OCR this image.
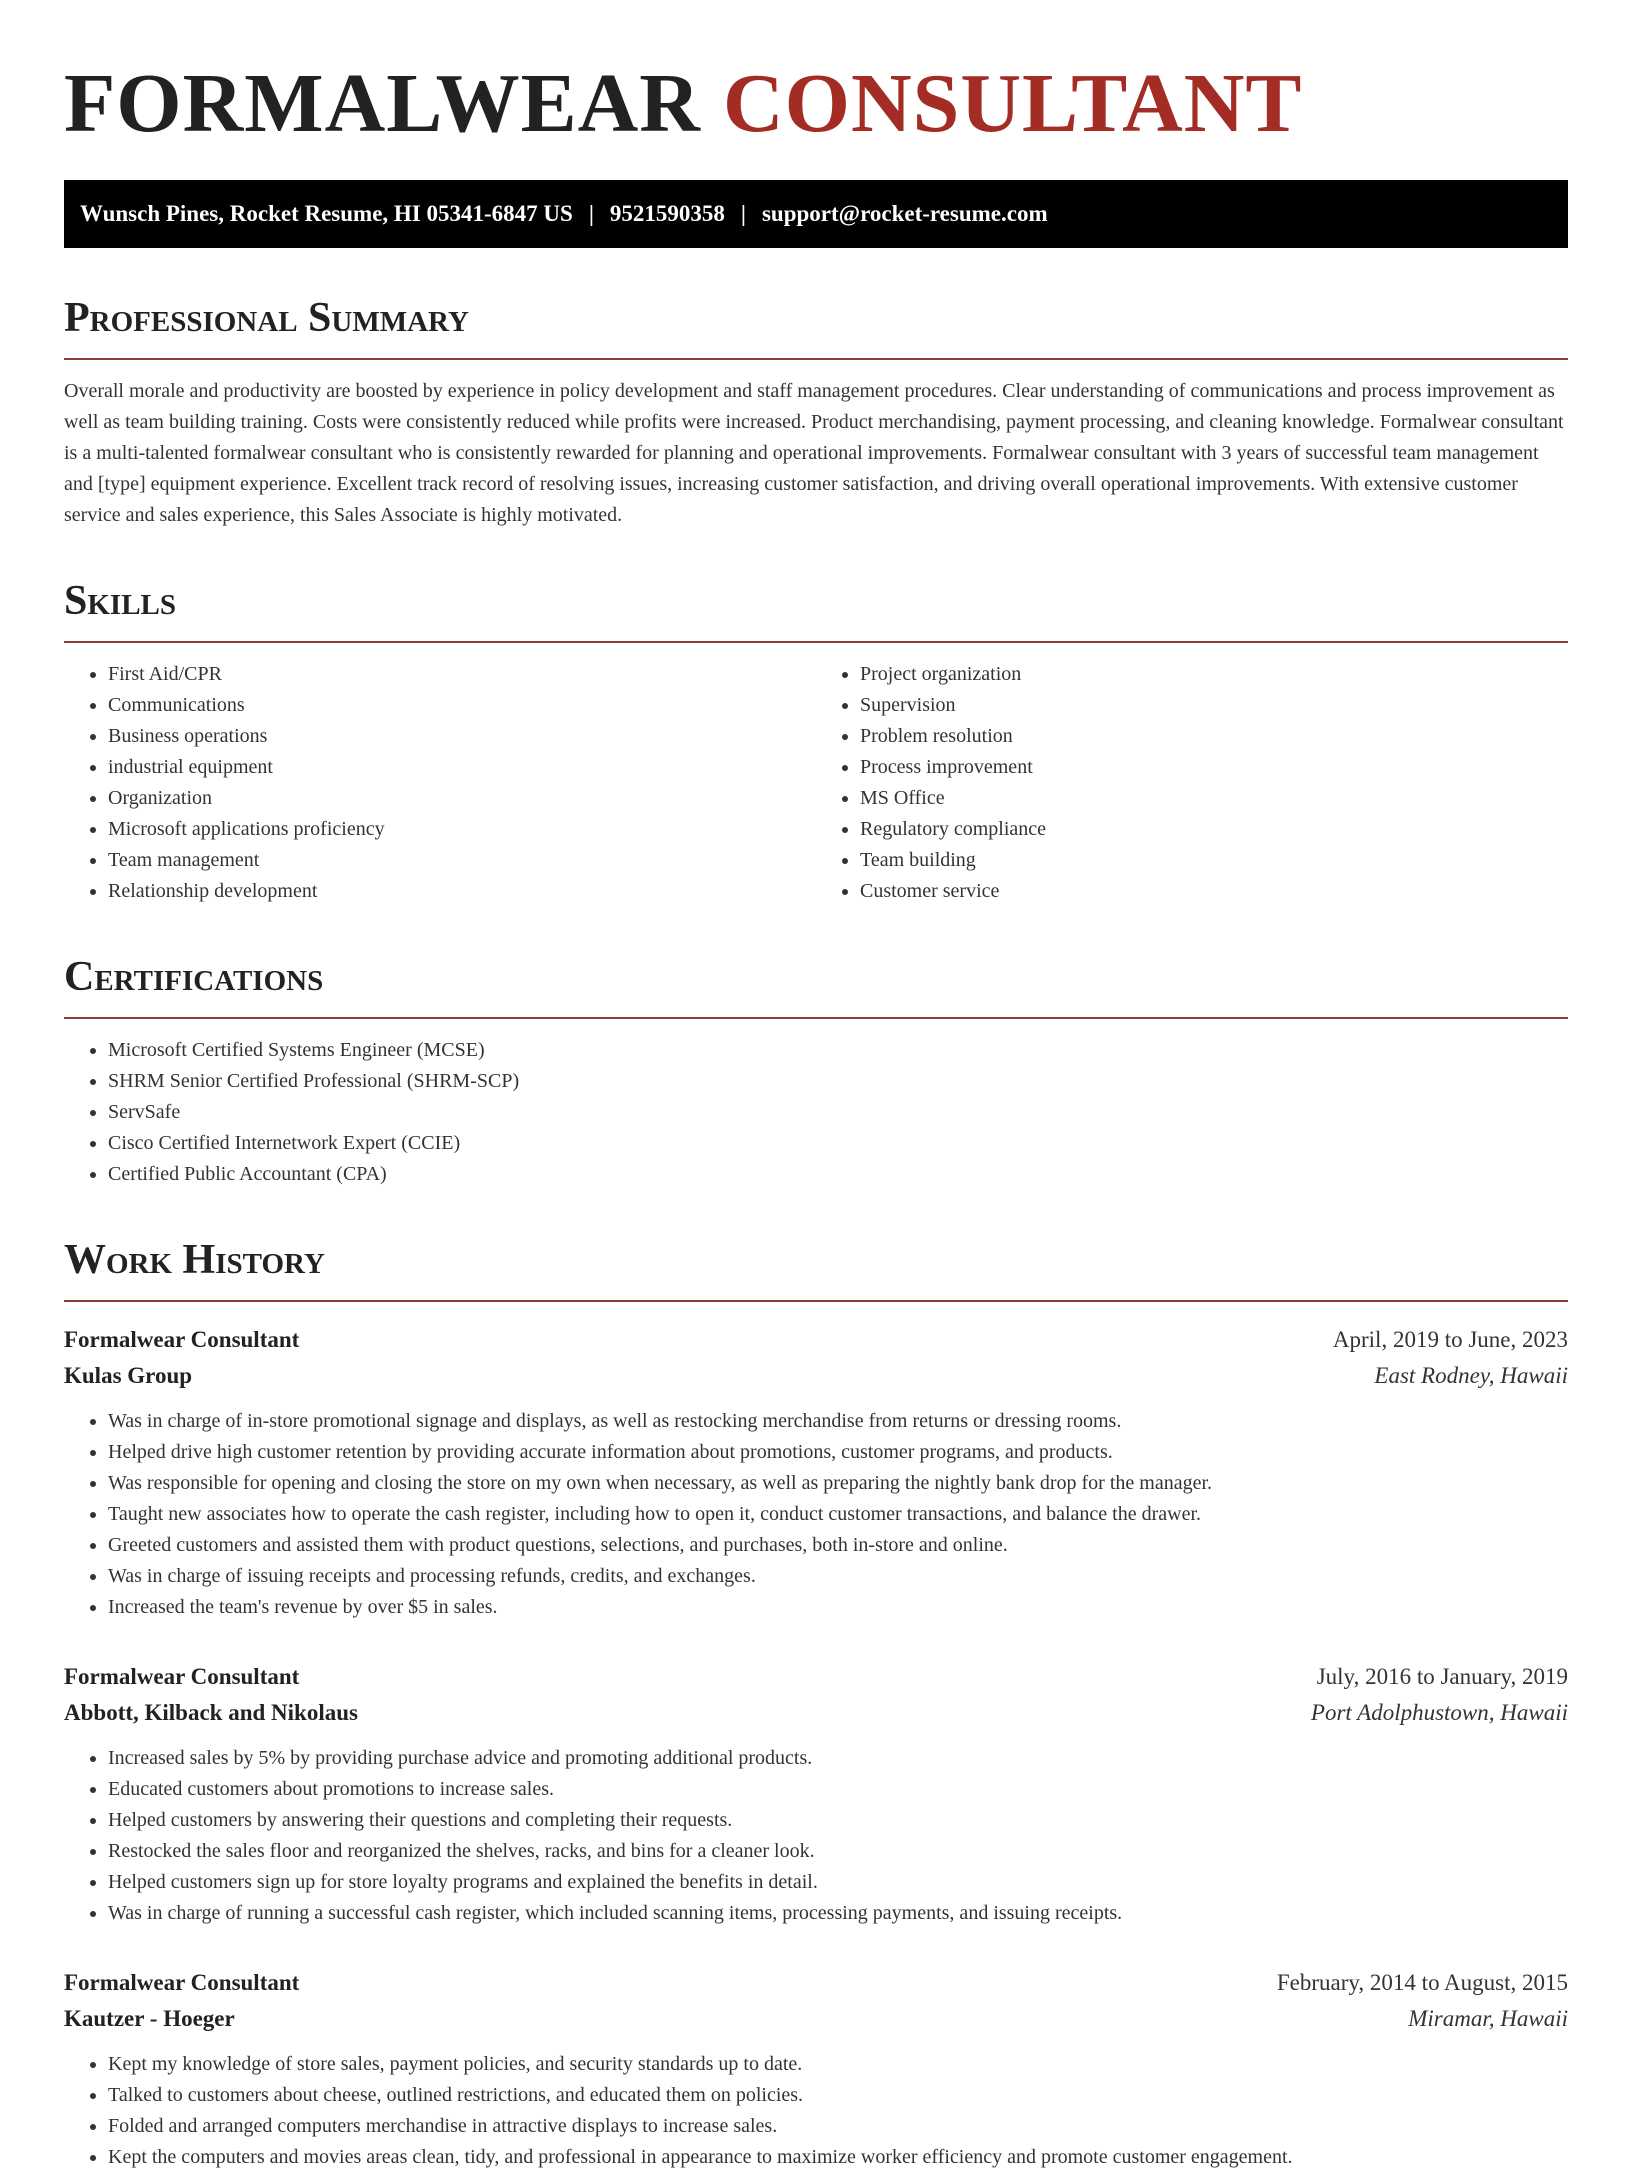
FORMALWEAR CONSULTANT
Wunsch Pines, Rocket Resume, HI 05341-6847 US | 9521590358 | support@rocket-resume.com
Professional Summary

Overall morale and productivity are boosted by experience in policy development and staff management procedures. Clear understanding of communications and process improvement as well as team building training. Costs were consistently reduced while profits were increased. Product merchandising, payment processing, and cleaning knowledge. Formalwear consultant is a multi-talented formalwear consultant who is consistently rewarded for planning and operational improvements. Formalwear consultant with 3 years of successful team management and [type] equipment experience. Excellent track record of resolving issues, increasing customer satisfaction, and driving overall operational improvements. With extensive customer service and sales experience, this Sales Associate is highly motivated.

Skills
• First Aid/CPR
• Communications
• Business operations
• industrial equipment
• Organization
• Microsoft applications proficiency
• Team management
• Relationship development
• Project organization
• Supervision
• Problem resolution
• Process improvement
• MS Office
• Regulatory compliance
• Team building
• Customer service
Certifications
• Microsoft Certified Systems Engineer (MCSE)
• SHRM Senior Certified Professional (SHRM-SCP)
• ServSafe
• Cisco Certified Internetwork Expert (CCIE)
• Certified Public Accountant (CPA)
Work History
Formalwear Consultant	April, 2019 to June, 2023
Kulas Group	East Rodney, Hawaii
• Was in charge of in-store promotional signage and displays, as well as restocking merchandise from returns or dressing rooms.
• Helped drive high customer retention by providing accurate information about promotions, customer programs, and products.
• Was responsible for opening and closing the store on my own when necessary, as well as preparing the nightly bank drop for the manager.
• Taught new associates how to operate the cash register, including how to open it, conduct customer transactions, and balance the drawer.
• Greeted customers and assisted them with product questions, selections, and purchases, both in-store and online.
• Was in charge of issuing receipts and processing refunds, credits, and exchanges.
• Increased the team's revenue by over $5 in sales.
Formalwear Consultant	July, 2016 to January, 2019
Abbott, Kilback and Nikolaus	Port Adolphustown, Hawaii
• Increased sales by 5% by providing purchase advice and promoting additional products.
• Educated customers about promotions to increase sales.
• Helped customers by answering their questions and completing their requests.
• Restocked the sales floor and reorganized the shelves, racks, and bins for a cleaner look.
• Helped customers sign up for store loyalty programs and explained the benefits in detail.
• Was in charge of running a successful cash register, which included scanning items, processing payments, and issuing receipts.
Formalwear Consultant	February, 2014 to August, 2015
Kautzer - Hoeger	Miramar, Hawaii
• Kept my knowledge of store sales, payment policies, and security standards up to date.
• Talked to customers about cheese, outlined restrictions, and educated them on policies.
• Folded and arranged computers merchandise in attractive displays to increase sales.
• Kept the computers and movies areas clean, tidy, and professional in appearance to maximize worker efficiency and promote customer engagement.
